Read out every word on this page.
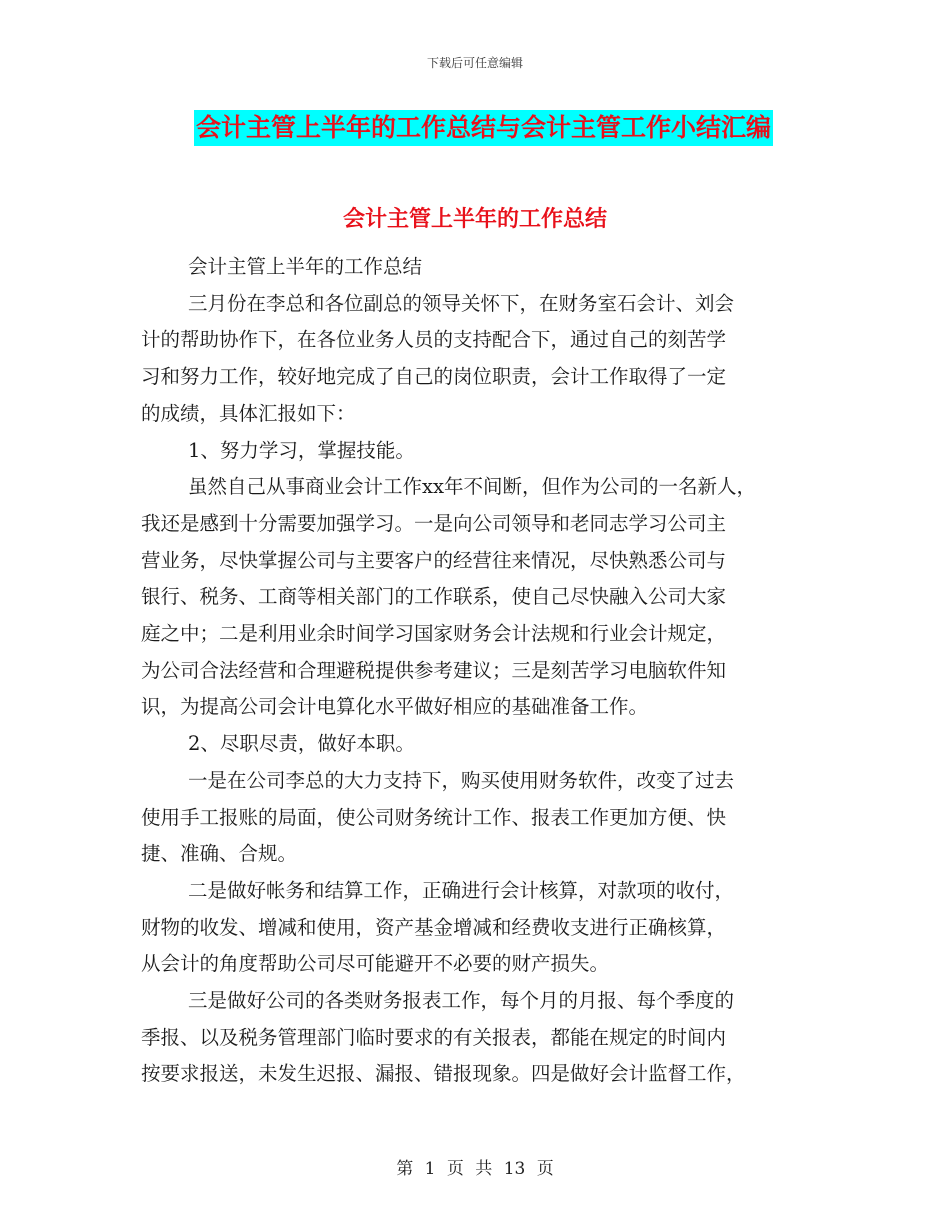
下载后可任意编辑
会计主管上半年的工作总结与会计主管工作小结汇编
会计主管上半年的工作总结
会计主管上半年的工作总结
三月份在李总和各位副总的领导关怀下，在财务室石会计、刘会
计的帮助协作下，在各位业务人员的支持配合下，通过自己的刻苦学
习和努力工作，较好地完成了自己的岗位职责，会计工作取得了一定
的成绩，具体汇报如下：
1、努力学习，掌握技能。
虽然自己从事商业会计工作xx年不间断，但作为公司的一名新人，
我还是感到十分需要加强学习。一是向公司领导和老同志学习公司主
营业务，尽快掌握公司与主要客户的经营往来情况，尽快熟悉公司与
银行、税务、工商等相关部门的工作联系，使自己尽快融入公司大家
庭之中；二是利用业余时间学习国家财务会计法规和行业会计规定，
为公司合法经营和合理避税提供参考建议；三是刻苦学习电脑软件知
识，为提高公司会计电算化水平做好相应的基础准备工作。
2、尽职尽责，做好本职。
一是在公司李总的大力支持下，购买使用财务软件，改变了过去
使用手工报账的局面，使公司财务统计工作、报表工作更加方便、快
捷、准确、合规。
二是做好帐务和结算工作，正确进行会计核算，对款项的收付，
财物的收发、增减和使用，资产基金增减和经费收支进行正确核算，
从会计的角度帮助公司尽可能避开不必要的财产损失。
三是做好公司的各类财务报表工作，每个月的月报、每个季度的
季报、以及税务管理部门临时要求的有关报表，都能在规定的时间内
按要求报送，未发生迟报、漏报、错报现象。四是做好会计监督工作，
第 1 页 共 13 页
